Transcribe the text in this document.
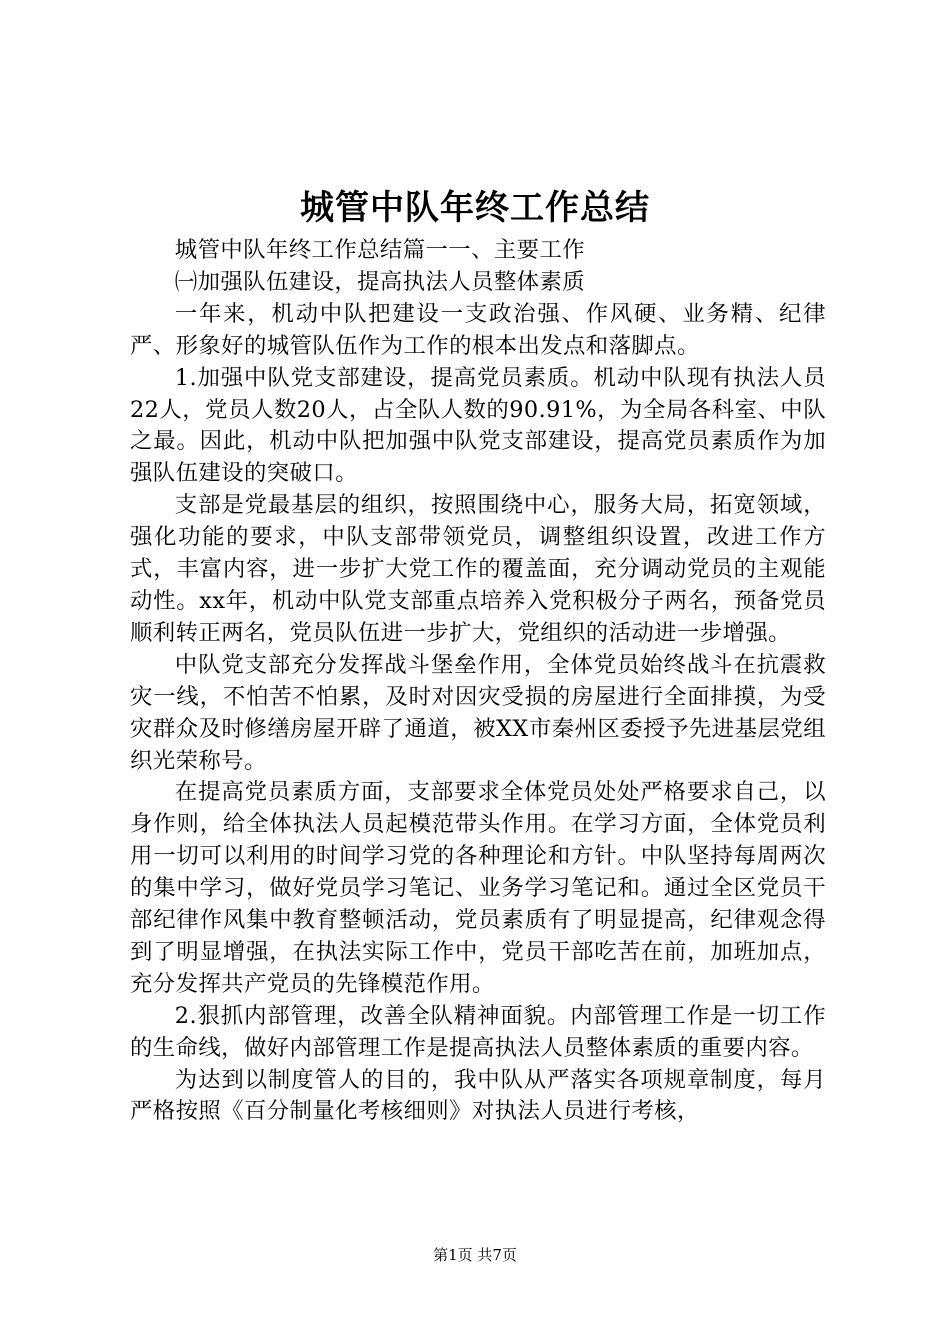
城管中队年终工作总结

城管中队年终工作总结篇一一、主要工作

㈠加强队伍建设，提高执法人员整体素质

一年来，机动中队把建设一支政治强、作风硬、业务精、纪律严、形象好的城管队伍作为工作的根本出发点和落脚点。

1.加强中队党支部建设，提高党员素质。机动中队现有执法人员22人，党员人数20人，占全队人数的90.91%，为全局各科室、中队之最。因此，机动中队把加强中队党支部建设，提高党员素质作为加强队伍建设的突破口。

支部是党最基层的组织，按照围绕中心，服务大局，拓宽领域，强化功能的要求，中队支部带领党员，调整组织设置，改进工作方式，丰富内容，进一步扩大党工作的覆盖面，充分调动党员的主观能动性。xx年，机动中队党支部重点培养入党积极分子两名，预备党员顺利转正两名，党员队伍进一步扩大，党组织的活动进一步增强。

中队党支部充分发挥战斗堡垒作用，全体党员始终战斗在抗震救灾一线，不怕苦不怕累，及时对因灾受损的房屋进行全面排摸，为受灾群众及时修缮房屋开辟了通道，被XX市秦州区委授予先进基层党组织光荣称号。

在提高党员素质方面，支部要求全体党员处处严格要求自己，以身作则，给全体执法人员起模范带头作用。在学习方面，全体党员利用一切可以利用的时间学习党的各种理论和方针。中队坚持每周两次的集中学习，做好党员学习笔记、业务学习笔记和。通过全区党员干部纪律作风集中教育整顿活动，党员素质有了明显提高，纪律观念得到了明显增强，在执法实际工作中，党员干部吃苦在前，加班加点，充分发挥共产党员的先锋模范作用。

2.狠抓内部管理，改善全队精神面貌。内部管理工作是一切工作的生命线，做好内部管理工作是提高执法人员整体素质的重要内容。

为达到以制度管人的目的，我中队从严落实各项规章制度，每月严格按照《百分制量化考核细则》对执法人员进行考核，

第1页 共7页
